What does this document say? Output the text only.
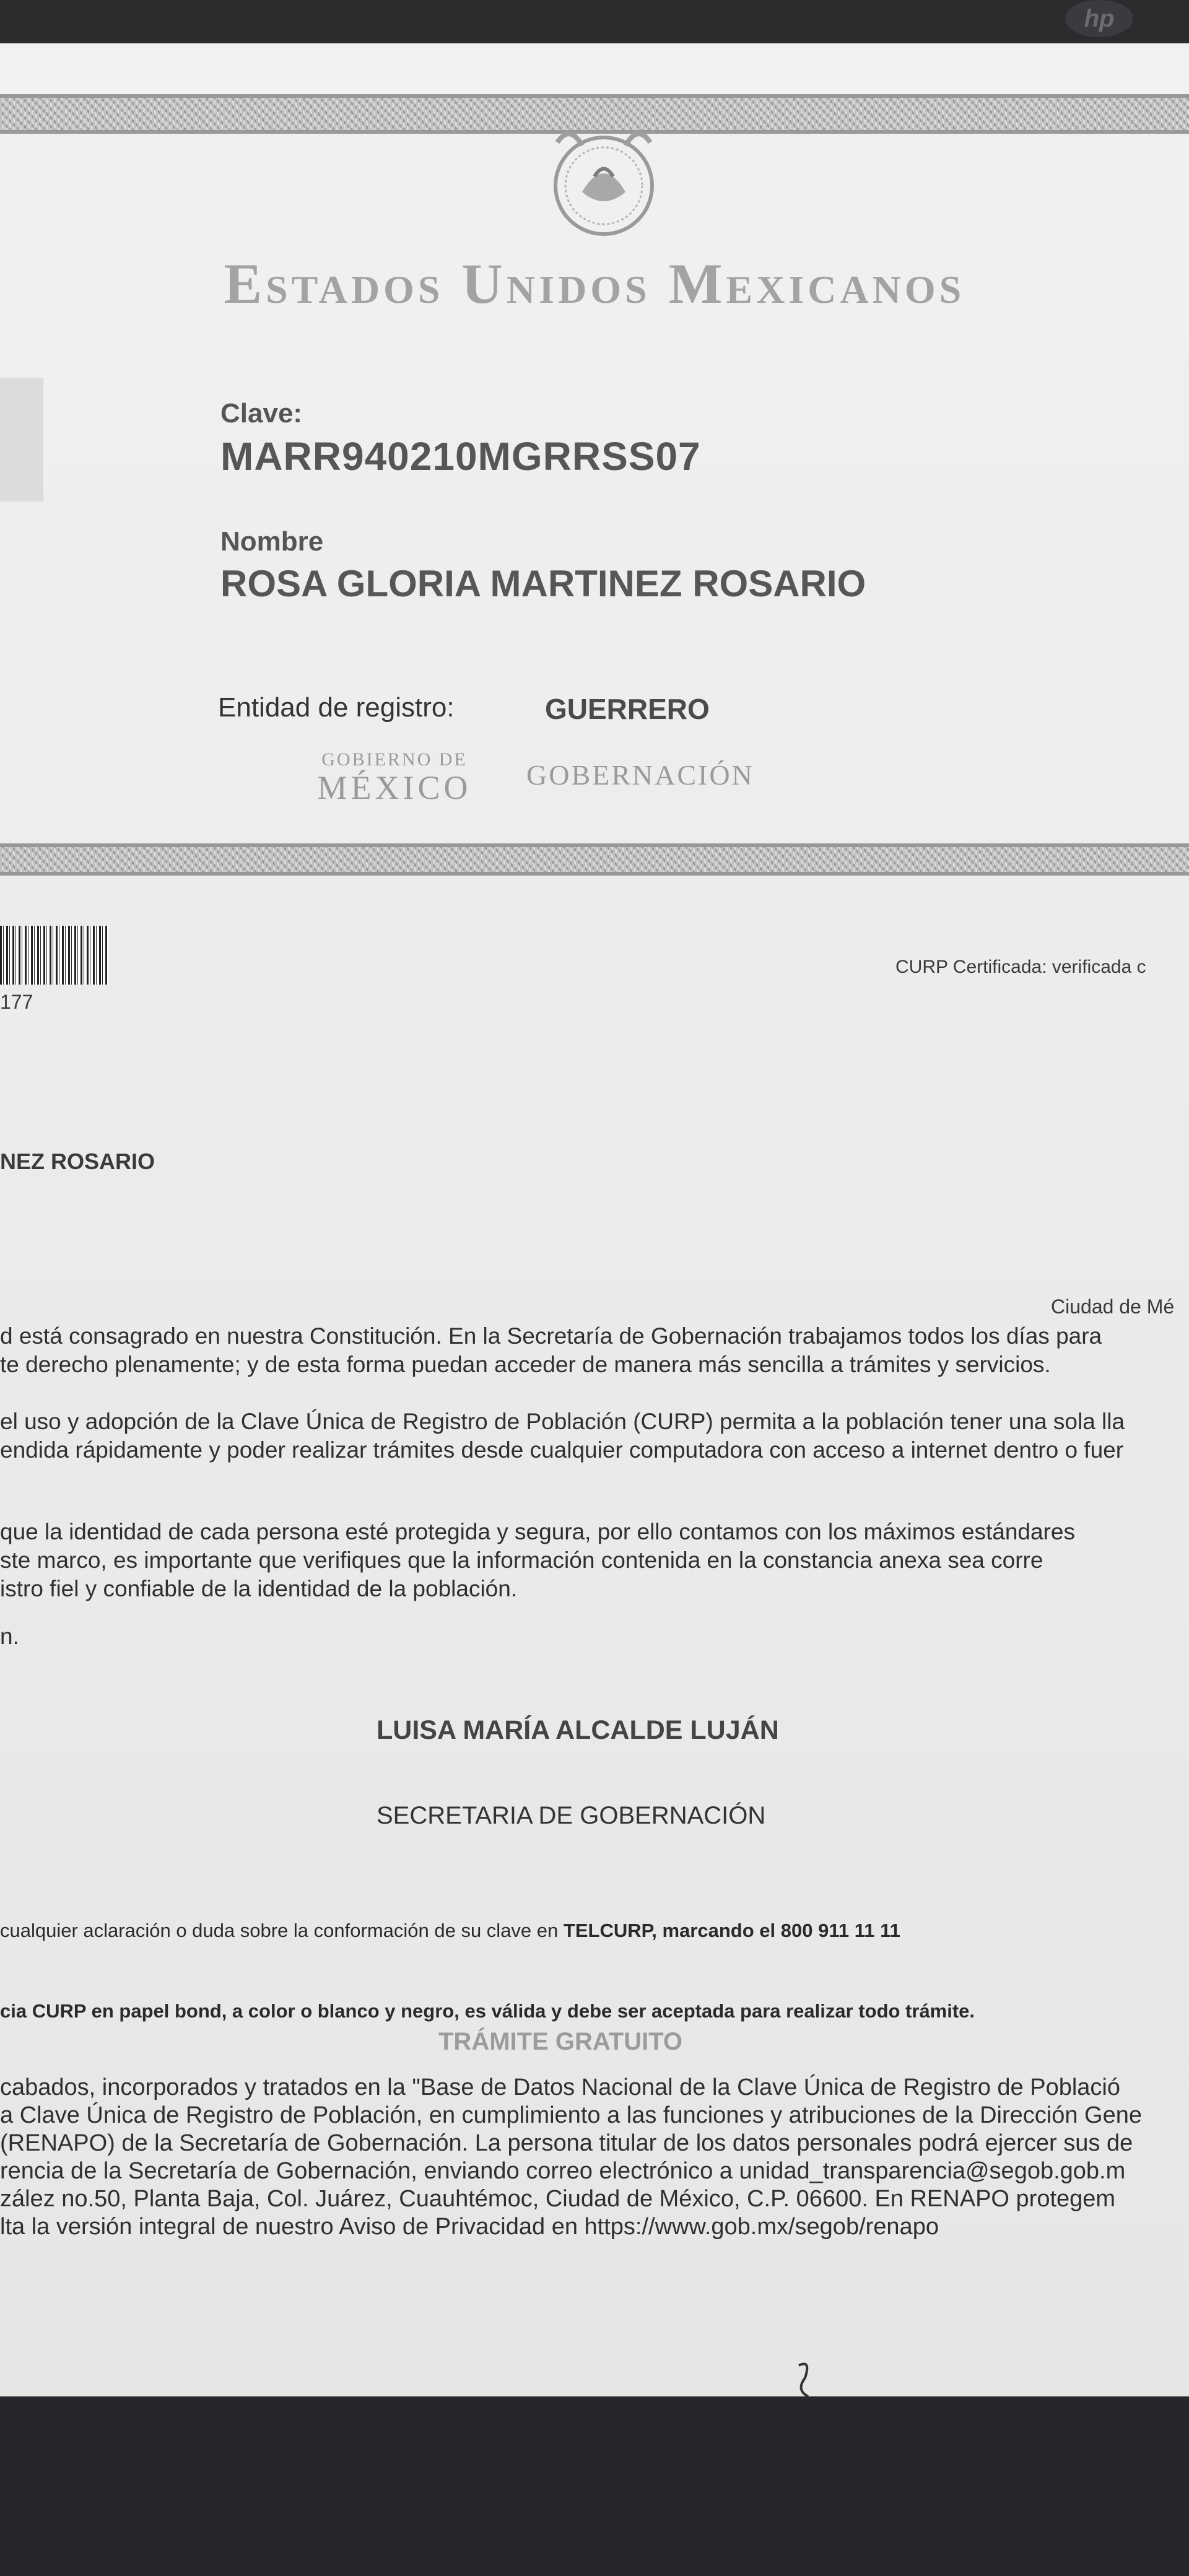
hp
Estados Unidos Mexicanos
Clave:
MARR940210MGRRSS07
Nombre
ROSA GLORIA MARTINEZ ROSARIO
Entidad de registro:	GUERRERO
GOBIERNO DE
MÉXICO	GOBERNACIÓN
177
CURP Certificada: verificada c
NEZ ROSARIO
Ciudad de Mé
d está consagrado en nuestra Constitución. En la Secretaría de Gobernación trabajamos todos los días para
te derecho plenamente; y de esta forma puedan acceder de manera más sencilla a trámites y servicios.
el uso y adopción de la Clave Única de Registro de Población (CURP) permita a la población tener una sola lla
endida rápidamente y poder realizar trámites desde cualquier computadora con acceso a internet dentro o fuer
que la identidad de cada persona esté protegida y segura, por ello contamos con los máximos estándares
ste marco, es importante que verifiques que la información contenida en la constancia anexa sea corre
istro fiel y confiable de la identidad de la población.
n.
LUISA MARÍA ALCALDE LUJÁN
SECRETARIA DE GOBERNACIÓN
cualquier aclaración o duda sobre la conformación de su clave en TELCURP, marcando el 800 911 11 11
cia CURP en papel bond, a color o blanco y negro, es válida y debe ser aceptada para realizar todo trámite.
TRÁMITE GRATUITO
cabados, incorporados y tratados en la "Base de Datos Nacional de la Clave Única de Registro de Població
a Clave Única de Registro de Población, en cumplimiento a las funciones y atribuciones de la Dirección Gene
(RENAPO) de la Secretaría de Gobernación. La persona titular de los datos personales podrá ejercer sus de
rencia de la Secretaría de Gobernación, enviando correo electrónico a unidad_transparencia@segob.gob.m
zález no.50, Planta Baja, Col. Juárez, Cuauhtémoc, Ciudad de México, C.P. 06600. En RENAPO protegem
lta la versión integral de nuestro Aviso de Privacidad en https://www.gob.mx/segob/renapo
